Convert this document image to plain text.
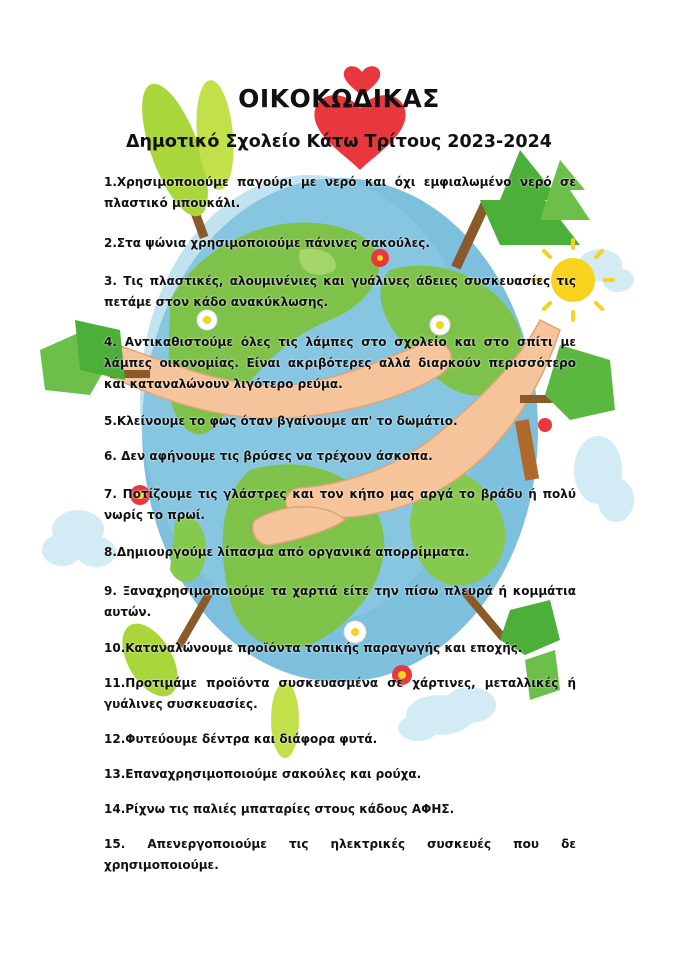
ΟΙΚΟΚΩΔΙΚΑΣ
Δημοτικό Σχολείο Κάτω Τρίτους 2023-2024
1.Χρησιμοποιούμε παγούρι με νερό και όχι εμφιαλωμένο νερό σε πλαστικό μπουκάλι.
2.Στα ψώνια χρησιμοποιούμε πάνινες σακούλες.
3. Τις πλαστικές, αλουμινένιες και γυάλινες άδειες συσκευασίες τις πετάμε στον κάδο ανακύκλωσης.
4. Αντικαθιστούμε όλες τις λάμπες στο σχολείο και στο σπίτι με λάμπες οικονομίας. Είναι ακριβότερες αλλά διαρκούν περισσότερο και καταναλώνουν λιγότερο ρεύμα.
5.Κλείνουμε το φως όταν βγαίνουμε απ' το δωμάτιο.
6. Δεν αφήνουμε τις βρύσες να τρέχουν άσκοπα.
7. Ποτίζουμε τις γλάστρες και τον κήπο μας αργά το βράδυ ή πολύ νωρίς το πρωί.
8.Δημιουργούμε λίπασμα από οργανικά απορρίμματα.
9. Ξαναχρησιμοποιούμε τα χαρτιά είτε την πίσω πλευρά ή κομμάτια αυτών.
10.Καταναλώνουμε προϊόντα τοπικής παραγωγής και εποχής.
11.Προτιμάμε προϊόντα συσκευασμένα σε χάρτινες, μεταλλικές ή γυάλινες συσκευασίες.
12.Φυτεύουμε δέντρα και διάφορα φυτά.
13.Επαναχρησιμοποιούμε σακούλες και ρούχα.
14.Ρίχνω τις παλιές μπαταρίες στους κάδους ΑΦΗΣ.
15. Απενεργοποιούμε τις ηλεκτρικές συσκευές που δε χρησιμοποιούμε.
